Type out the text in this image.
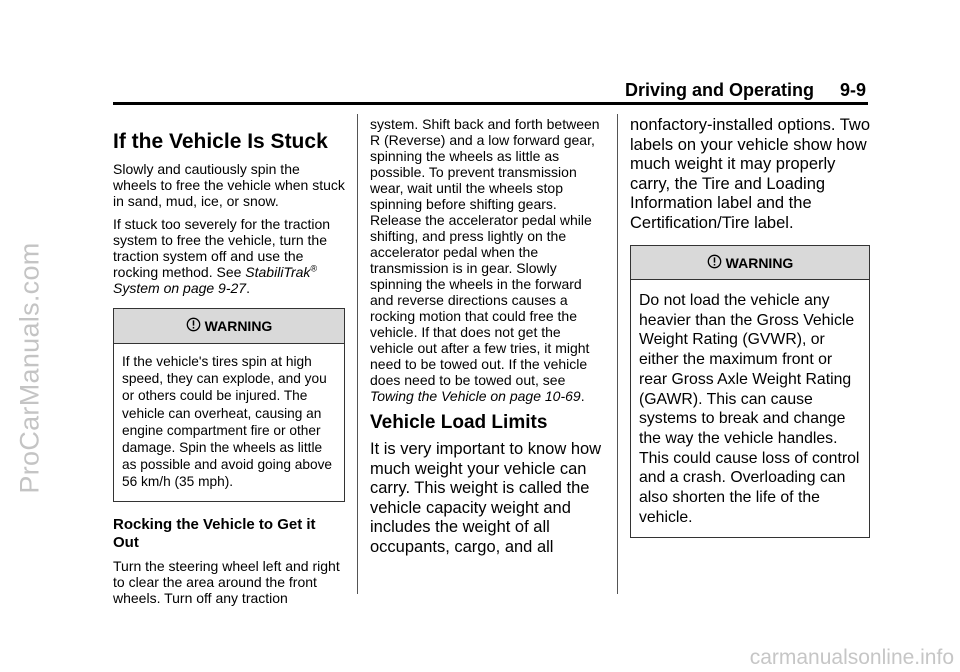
ProCarManuals.com
Driving and Operating 9-9
If the Vehicle Is Stuck

Slowly and cautiously spin the wheels to free the vehicle when stuck in sand, mud, ice, or snow.

If stuck too severely for the traction system to free the vehicle, turn the traction system off and use the rocking method. See StabiliTrak®
System on page 9-27.

WARNING
If the vehicle's tires spin at high speed, they can explode, and you or others could be injured. The vehicle can overheat, causing an engine compartment fire or other damage. Spin the wheels as little as possible and avoid going above 56 km/h (35 mph).
Rocking the Vehicle to Get it Out

Turn the steering wheel left and right to clear the area around the front wheels. Turn off any traction

system. Shift back and forth between R (Reverse) and a low forward gear, spinning the wheels as little as possible. To prevent transmission wear, wait until the wheels stop spinning before shifting gears. Release the accelerator pedal while shifting, and press lightly on the accelerator pedal when the transmission is in gear. Slowly spinning the wheels in the forward and reverse directions causes a rocking motion that could free the vehicle. If that does not get the vehicle out after a few tries, it might need to be towed out. If the vehicle does need to be towed out, see Towing the Vehicle on page 10-69.

Vehicle Load Limits

It is very important to know how much weight your vehicle can carry. This weight is called the vehicle capacity weight and includes the weight of all occupants, cargo, and all

nonfactory-installed options. Two labels on your vehicle show how much weight it may properly carry, the Tire and Loading Information label and the Certification/Tire label.

WARNING
Do not load the vehicle any heavier than the Gross Vehicle Weight Rating (GVWR), or either the maximum front or rear Gross Axle Weight Rating (GAWR). This can cause systems to break and change the way the vehicle handles. This could cause loss of control and a crash. Overloading can also shorten the life of the vehicle.
carmanualsonline.info
